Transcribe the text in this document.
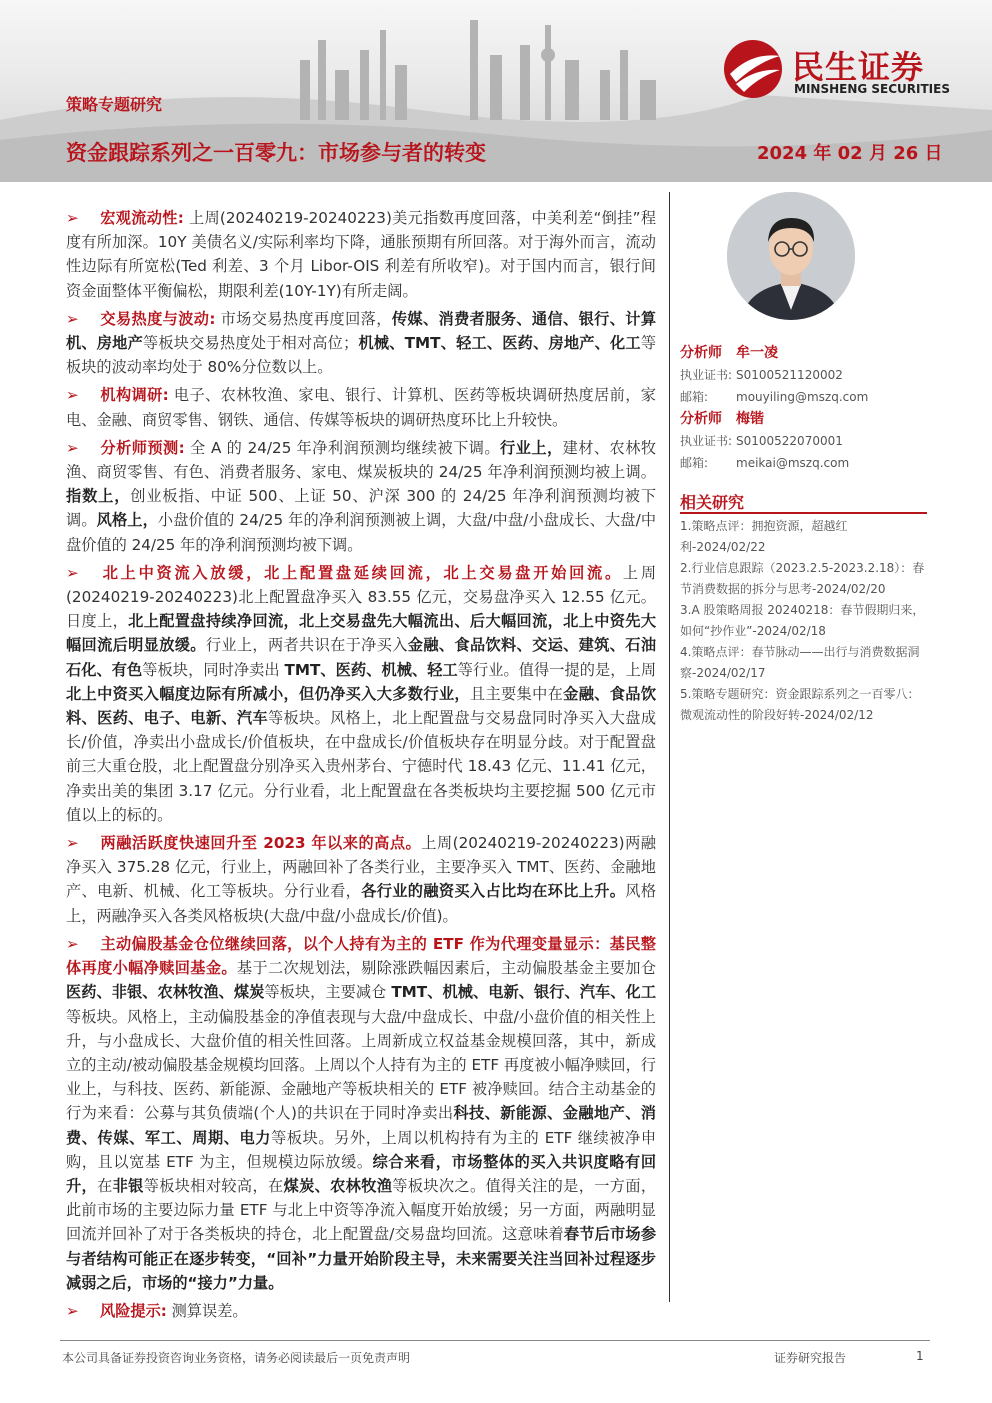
民生证券
MINSHENG SECURITIES
策略专题研究
资金跟踪系列之一百零九：市场参与者的转变	2024 年 02 月 26 日

➢ 宏观流动性: 上周(20240219-20240223)美元指数再度回落，中美利差“倒挂”程度有所加深。10Y 美债名义/实际利率均下降，通胀预期有所回落。对于海外而言，流动性边际有所宽松(Ted 利差、3 个月 Libor-OIS 利差有所收窄)。对于国内而言，银行间资金面整体平衡偏松，期限利差(10Y-1Y)有所走阔。

➢ 交易热度与波动: 市场交易热度再度回落，传媒、消费者服务、通信、银行、计算机、房地产等板块交易热度处于相对高位；机械、TMT、轻工、医药、房地产、化工等板块的波动率均处于 80%分位数以上。

➢ 机构调研: 电子、农林牧渔、家电、银行、计算机、医药等板块调研热度居前，家电、金融、商贸零售、钢铁、通信、传媒等板块的调研热度环比上升较快。

➢ 分析师预测: 全 A 的 24/25 年净利润预测均继续被下调。行业上，建材、农林牧渔、商贸零售、有色、消费者服务、家电、煤炭板块的 24/25 年净利润预测均被上调。指数上，创业板指、中证 500、上证 50、沪深 300 的 24/25 年净利润预测均被下调。风格上，小盘价值的 24/25 年的净利润预测被上调，大盘/中盘/小盘成长、大盘/中盘价值的 24/25 年的净利润预测均被下调。

➢ 北上中资流入放缓，北上配置盘延续回流，北上交易盘开始回流。上周(20240219-20240223)北上配置盘净买入 83.55 亿元，交易盘净买入 12.55 亿元。日度上，北上配置盘持续净回流，北上交易盘先大幅流出、后大幅回流，北上中资先大幅回流后明显放缓。行业上，两者共识在于净买入金融、食品饮料、交运、建筑、石油石化、有色等板块，同时净卖出 TMT、医药、机械、轻工等行业。值得一提的是，上周北上中资买入幅度边际有所减小，但仍净买入大多数行业，且主要集中在金融、食品饮料、医药、电子、电新、汽车等板块。风格上，北上配置盘与交易盘同时净买入大盘成长/价值，净卖出小盘成长/价值板块，在中盘成长/价值板块存在明显分歧。对于配置盘前三大重仓股，北上配置盘分别净买入贵州茅台、宁德时代 18.43 亿元、11.41 亿元，净卖出美的集团 3.17 亿元。分行业看，北上配置盘在各类板块均主要挖掘 500 亿元市值以上的标的。

➢ 两融活跃度快速回升至 2023 年以来的高点。上周(20240219-20240223)两融净买入 375.28 亿元，行业上，两融回补了各类行业，主要净买入 TMT、医药、金融地产、电新、机械、化工等板块。分行业看，各行业的融资买入占比均在环比上升。风格上，两融净买入各类风格板块(大盘/中盘/小盘成长/价值)。

➢ 主动偏股基金仓位继续回落，以个人持有为主的 ETF 作为代理变量显示：基民整体再度小幅净赎回基金。基于二次规划法，剔除涨跌幅因素后，主动偏股基金主要加仓医药、非银、农林牧渔、煤炭等板块，主要减仓 TMT、机械、电新、银行、汽车、化工等板块。风格上，主动偏股基金的净值表现与大盘/中盘成长、中盘/小盘价值的相关性上升，与小盘成长、大盘价值的相关性回落。上周新成立权益基金规模回落，其中，新成立的主动/被动偏股基金规模均回落。上周以个人持有为主的 ETF 再度被小幅净赎回，行业上，与科技、医药、新能源、金融地产等板块相关的 ETF 被净赎回。结合主动基金的行为来看：公募与其负债端(个人)的共识在于同时净卖出科技、新能源、金融地产、消费、传媒、军工、周期、电力等板块。另外，上周以机构持有为主的 ETF 继续被净申购，且以宽基 ETF 为主，但规模边际放缓。综合来看，市场整体的买入共识度略有回升，在非银等板块相对较高，在煤炭、农林牧渔等板块次之。值得关注的是，一方面，此前市场的主要边际力量 ETF 与北上中资等净流入幅度开始放缓；另一方面，两融明显回流并回补了对于各类板块的持仓，北上配置盘/交易盘均回流。这意味着春节后市场参与者结构可能正在逐步转变，“回补”力量开始阶段主导，未来需要关注当回补过程逐步减弱之后，市场的“接力”力量。

➢ 风险提示: 测算误差。

分析师 牟一凌
执业证书: S0100521120002
邮箱: mouyiling@mszq.com
分析师 梅锴
执业证书: S0100522070001
邮箱: meikai@mszq.com
相关研究

1.策略点评：拥抱资源，超越红利-2024/02/22

2.行业信息跟踪（2023.2.5-2023.2.18）：春节消费数据的拆分与思考-2024/02/20

3.A 股策略周报 20240218：春节假期归来，如何“抄作业”-2024/02/18

4.策略点评：春节脉动——出行与消费数据洞察-2024/02/17

5.策略专题研究：资金跟踪系列之一百零八：微观流动性的阶段好转-2024/02/12

本公司具备证券投资咨询业务资格，请务必阅读最后一页免责声明	证券研究报告	1
